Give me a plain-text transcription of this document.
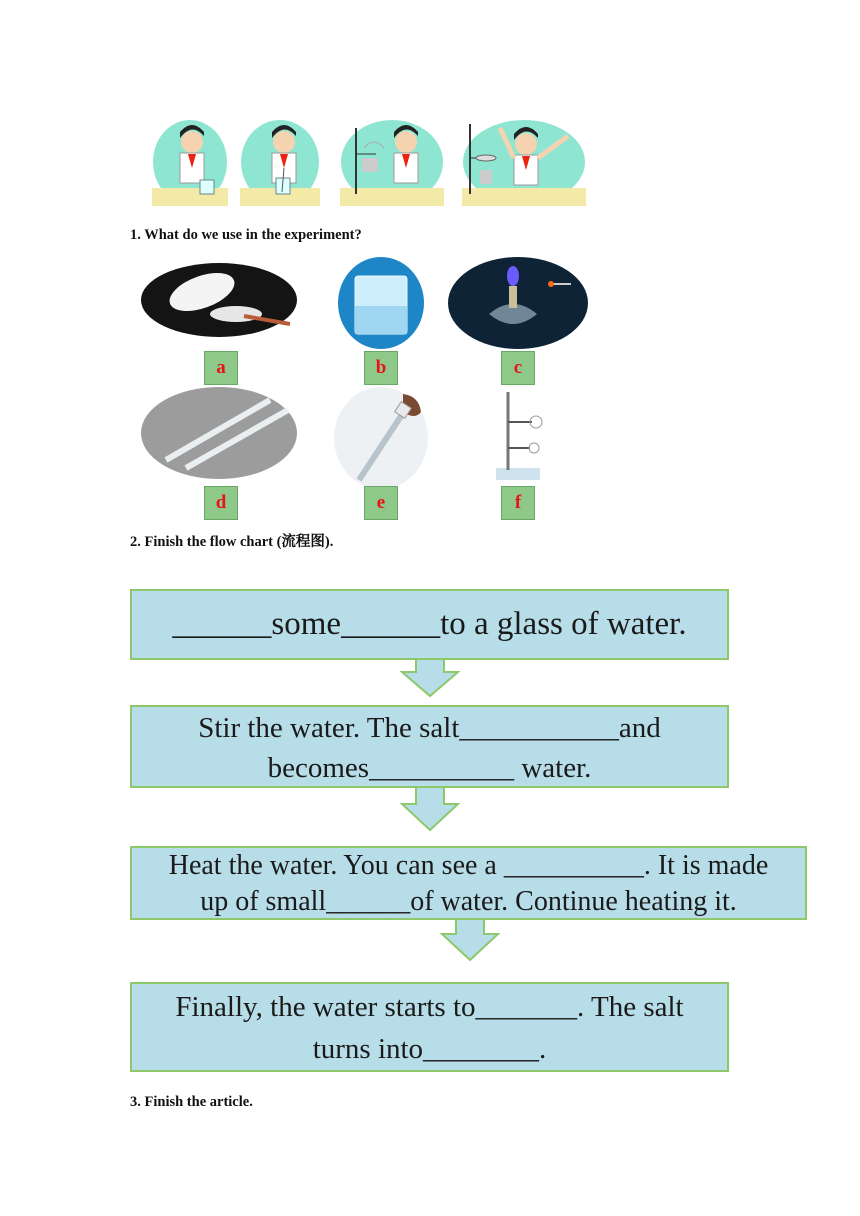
1. What do we use in the experiment?
a	b	c
d	e	f
2. Finish the flow chart (流程图).
______some______to a glass of water.
Stir the water. The salt___________and
becomes__________ water.
Heat the water. You can see a __________. It is made
up of small______of water. Continue heating it.
Finally, the water starts to_______. The salt
turns into________.
3. Finish the article.
